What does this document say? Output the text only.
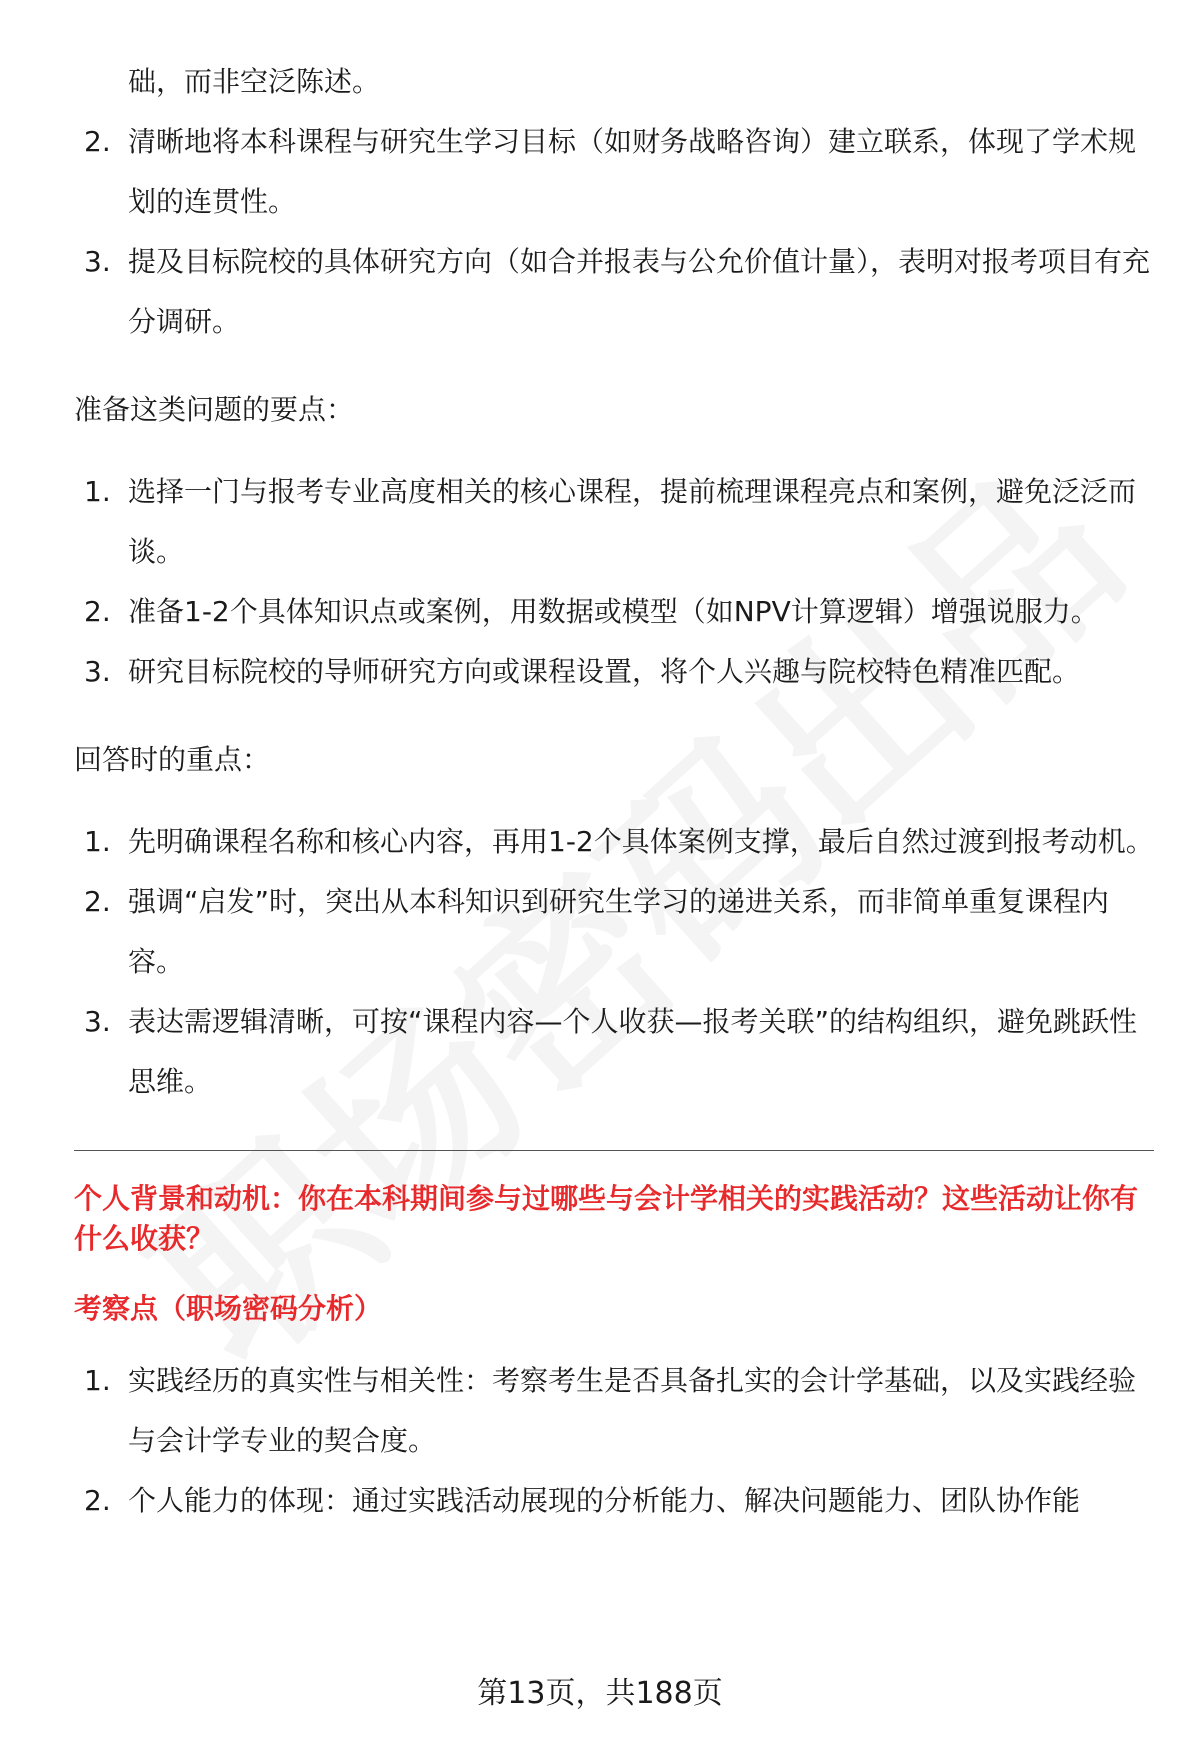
础，而非空泛陈述。
2. 清晰地将本科课程与研究生学习目标（如财务战略咨询）建立联系，体现了学术规划的连贯性。
3. 提及目标院校的具体研究方向（如合并报表与公允价值计量），表明对报考项目有充分调研。

准备这类问题的要点：

1. 选择一门与报考专业高度相关的核心课程，提前梳理课程亮点和案例，避免泛泛而谈。
2. 准备1-2个具体知识点或案例，用数据或模型（如NPV计算逻辑）增强说服力。
3. 研究目标院校的导师研究方向或课程设置，将个人兴趣与院校特色精准匹配。

回答时的重点：

1. 先明确课程名称和核心内容，再用1-2个具体案例支撑，最后自然过渡到报考动机。
2. 强调“启发”时，突出从本科知识到研究生学习的递进关系，而非简单重复课程内容。
3. 表达需逻辑清晰，可按“课程内容—个人收获—报考关联”的结构组织，避免跳跃性思维。

个人背景和动机：你在本科期间参与过哪些与会计学相关的实践活动？这些活动让你有什么收获？

考察点（职场密码分析）

1. 实践经历的真实性与相关性：考察考生是否具备扎实的会计学基础，以及实践经验与会计学专业的契合度。
2. 个人能力的体现：通过实践活动展现的分析能力、解决问题能力、团队协作能
第13页，共188页
